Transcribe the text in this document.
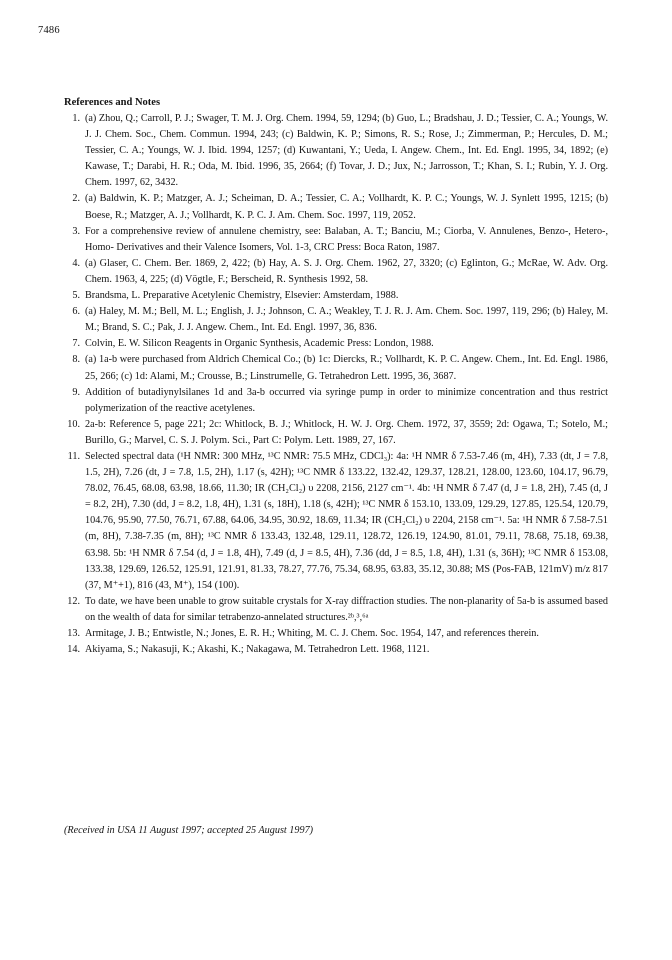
7486
References and Notes
1. (a) Zhou, Q.; Carroll, P. J.; Swager, T. M. J. Org. Chem. 1994, 59, 1294; (b) Guo, L.; Bradshau, J. D.; Tessier, C. A.; Youngs, W. J. J. Chem. Soc., Chem. Commun. 1994, 243; (c) Baldwin, K. P.; Simons, R. S.; Rose, J.; Zimmerman, P.; Hercules, D. M.; Tessier, C. A.; Youngs, W. J. Ibid. 1994, 1257; (d) Kuwantani, Y.; Ueda, I. Angew. Chem., Int. Ed. Engl. 1995, 34, 1892; (e) Kawase, T.; Darabi, H. R.; Oda, M. Ibid. 1996, 35, 2664; (f) Tovar, J. D.; Jux, N.; Jarrosson, T.; Khan, S. I.; Rubin, Y. J. Org. Chem. 1997, 62, 3432.
2. (a) Baldwin, K. P.; Matzger, A. J.; Scheiman, D. A.; Tessier, C. A.; Vollhardt, K. P. C.; Youngs, W. J. Synlett 1995, 1215; (b) Boese, R.; Matzger, A. J.; Vollhardt, K. P. C. J. Am. Chem. Soc. 1997, 119, 2052.
3. For a comprehensive review of annulene chemistry, see: Balaban, A. T.; Banciu, M.; Ciorba, V. Annulenes, Benzo-, Hetero-, Homo- Derivatives and their Valence Isomers, Vol. 1-3, CRC Press: Boca Raton, 1987.
4. (a) Glaser, C. Chem. Ber. 1869, 2, 422; (b) Hay, A. S. J. Org. Chem. 1962, 27, 3320; (c) Eglinton, G.; McRae, W. Adv. Org. Chem. 1963, 4, 225; (d) Vögtle, F.; Berscheid, R. Synthesis 1992, 58.
5. Brandsma, L. Preparative Acetylenic Chemistry, Elsevier: Amsterdam, 1988.
6. (a) Haley, M. M.; Bell, M. L.; English, J. J.; Johnson, C. A.; Weakley, T. J. R. J. Am. Chem. Soc. 1997, 119, 296; (b) Haley, M. M.; Brand, S. C.; Pak, J. J. Angew. Chem., Int. Ed. Engl. 1997, 36, 836.
7. Colvin, E. W. Silicon Reagents in Organic Synthesis, Academic Press: London, 1988.
8. (a) 1a-b were purchased from Aldrich Chemical Co.; (b) 1c: Diercks, R.; Vollhardt, K. P. C. Angew. Chem., Int. Ed. Engl. 1986, 25, 266; (c) 1d: Alami, M.; Crousse, B.; Linstrumelle, G. Tetrahedron Lett. 1995, 36, 3687.
9. Addition of butadiynylsilanes 1d and 3a-b occurred via syringe pump in order to minimize concentration and thus restrict polymerization of the reactive acetylenes.
10. 2a-b: Reference 5, page 221; 2c: Whitlock, B. J.; Whitlock, H. W. J. Org. Chem. 1972, 37, 3559; 2d: Ogawa, T.; Sotelo, M.; Burillo, G.; Marvel, C. S. J. Polym. Sci., Part C: Polym. Lett. 1989, 27, 167.
11. Selected spectral data (¹H NMR: 300 MHz, ¹³C NMR: 75.5 MHz, CDCl₃): 4a: ¹H NMR δ 7.53-7.46 (m, 4H), 7.33 (dt, J = 7.8, 1.5, 2H), 7.26 (dt, J = 7.8, 1.5, 2H), 1.17 (s, 42H); ¹³C NMR δ 133.22, 132.42, 129.37, 128.21, 128.00, 123.60, 104.17, 96.79, 78.02, 76.45, 68.08, 63.98, 18.66, 11.30; IR (CH₂Cl₂) υ 2208, 2156, 2127 cm⁻¹. 4b: ¹H NMR δ 7.47 (d, J = 1.8, 2H), 7.45 (d, J = 8.2, 2H), 7.30 (dd, J = 8.2, 1.8, 4H), 1.31 (s, 18H), 1.18 (s, 42H); ¹³C NMR δ 153.10, 133.09, 129.29, 127.85, 125.54, 120.79, 104.76, 95.90, 77.50, 76.71, 67.88, 64.06, 34.95, 30.92, 18.69, 11.34; IR (CH₂Cl₂) υ 2204, 2158 cm⁻¹. 5a: ¹H NMR δ 7.58-7.51 (m, 8H), 7.38-7.35 (m, 8H); ¹³C NMR δ 133.43, 132.48, 129.11, 128.72, 126.19, 124.90, 81.01, 79.11, 78.68, 75.18, 69.38, 63.98. 5b: ¹H NMR δ 7.54 (d, J = 1.8, 4H), 7.49 (d, J = 8.5, 4H), 7.36 (dd, J = 8.5, 1.8, 4H), 1.31 (s, 36H); ¹³C NMR δ 153.08, 133.38, 129.69, 126.52, 125.91, 121.91, 81.33, 78.27, 77.76, 75.34, 68.95, 63.83, 35.12, 30.88; MS (Pos-FAB, 121mV) m/z 817 (37, M⁺+1), 816 (43, M⁺), 154 (100).
12. To date, we have been unable to grow suitable crystals for X-ray diffraction studies. The non-planarity of 5a-b is assumed based on the wealth of data for similar tetrabenzo-annelated structures.²ᵇ,³,⁶ᵃ
13. Armitage, J. B.; Entwistle, N.; Jones, E. R. H.; Whiting, M. C. J. Chem. Soc. 1954, 147, and references therein.
14. Akiyama, S.; Nakasuji, K.; Akashi, K.; Nakagawa, M. Tetrahedron Lett. 1968, 1121.
(Received in USA 11 August 1997; accepted 25 August 1997)
